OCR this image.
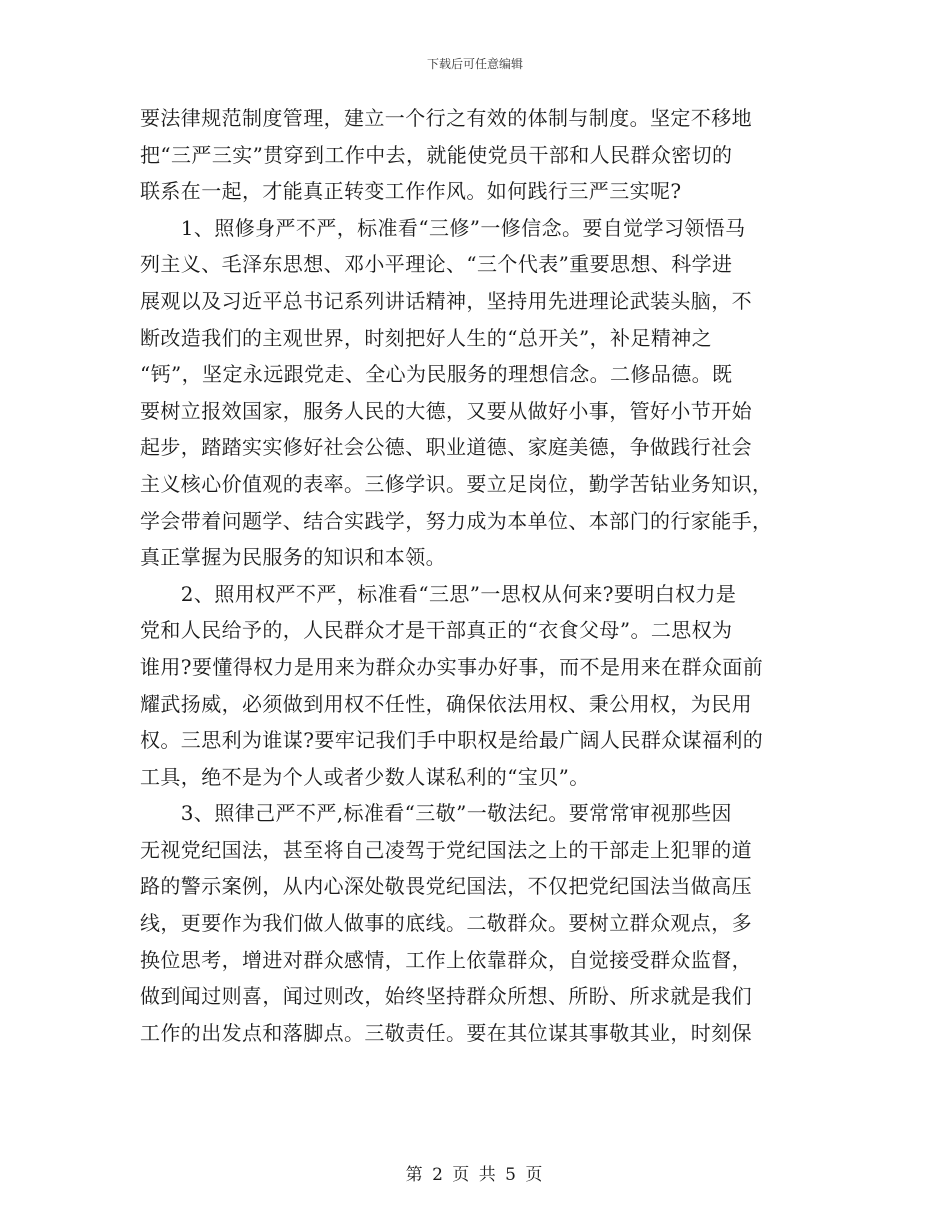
下载后可任意编辑
要法律规范制度管理，建立一个行之有效的体制与制度。坚定不移地
把“三严三实”贯穿到工作中去，就能使党员干部和人民群众密切的
联系在一起，才能真正转变工作作风。如何践行三严三实呢?
　　1、照修身严不严，标准看“三修”一修信念。要自觉学习领悟马
列主义、毛泽东思想、邓小平理论、“三个代表”重要思想、科学进
展观以及习近平总书记系列讲话精神，坚持用先进理论武装头脑，不
断改造我们的主观世界，时刻把好人生的“总开关”，补足精神之
“钙”，坚定永远跟党走、全心为民服务的理想信念。二修品德。既
要树立报效国家，服务人民的大德，又要从做好小事，管好小节开始
起步，踏踏实实修好社会公德、职业道德、家庭美德，争做践行社会
主义核心价值观的表率。三修学识。要立足岗位，勤学苦钻业务知识，
学会带着问题学、结合实践学，努力成为本单位、本部门的行家能手，
真正掌握为民服务的知识和本领。
　　2、照用权严不严，标准看“三思”一思权从何来?要明白权力是
党和人民给予的，人民群众才是干部真正的“衣食父母”。二思权为
谁用?要懂得权力是用来为群众办实事办好事，而不是用来在群众面前
耀武扬威，必须做到用权不任性，确保依法用权、秉公用权，为民用
权。三思利为谁谋?要牢记我们手中职权是给最广阔人民群众谋福利的
工具，绝不是为个人或者少数人谋私利的“宝贝”。
　　3、照律己严不严,标准看“三敬”一敬法纪。要常常审视那些因
无视党纪国法，甚至将自己凌驾于党纪国法之上的干部走上犯罪的道
路的警示案例，从内心深处敬畏党纪国法，不仅把党纪国法当做高压
线，更要作为我们做人做事的底线。二敬群众。要树立群众观点，多
换位思考，增进对群众感情，工作上依靠群众，自觉接受群众监督，
做到闻过则喜，闻过则改，始终坚持群众所想、所盼、所求就是我们
工作的出发点和落脚点。三敬责任。要在其位谋其事敬其业，时刻保
第 2 页 共 5 页
